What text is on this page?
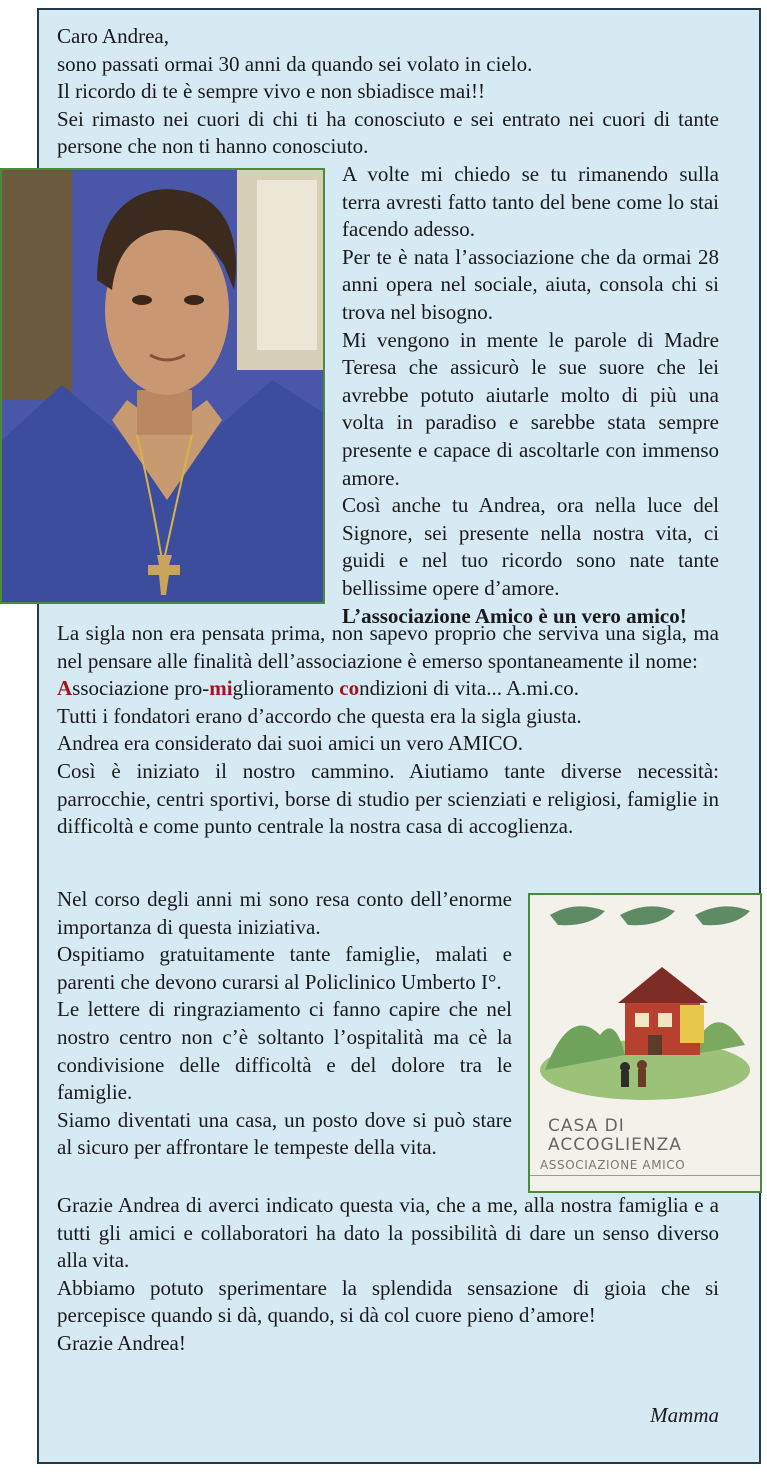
Caro Andrea,

sono passati ormai 30 anni da quando sei volato in cielo.

Il ricordo di te è sempre vivo e non sbiadisce mai!!

Sei rimasto nei cuori di chi ti ha conosciuto e sei entrato nei cuori di tante persone che non ti hanno conosciuto.

A volte mi chiedo se tu rimanendo sulla terra avresti fatto tanto del bene come lo stai facendo adesso.

Per te è nata l’associazione che da ormai 28 anni opera nel sociale, aiuta, consola chi si trova nel bisogno.

Mi vengono in mente le parole di Madre Teresa che assicurò le sue suore che lei avrebbe potuto aiutarle molto di più una volta in paradiso e sarebbe stata sempre presente e capace di ascoltarle con immenso amore.

Così anche tu Andrea, ora nella luce del Signore, sei presente nella nostra vita, ci guidi e nel tuo ricordo sono nate tante bellissime opere d’amore.

L’associazione Amico è un vero amico!

La sigla non era pensata prima, non sapevo proprio che serviva una sigla, ma nel pensare alle finalità dell’associazione è emerso spontaneamente il nome:

Associazione pro-miglioramento condizioni di vita... A.mi.co.

Tutti i fondatori erano d’accordo che questa era la sigla giusta.

Andrea era considerato dai suoi amici un vero AMICO.

Così è iniziato il nostro cammino. Aiutiamo tante diverse necessità: parrocchie, centri sportivi, borse di studio per scienziati e religiosi, famiglie in difficoltà e come punto centrale la nostra casa di accoglienza.

Nel corso degli anni mi sono resa conto dell’enorme importanza di questa iniziativa.

Ospitiamo gratuitamente tante famiglie, malati e parenti che devono curarsi al Policlinico Umberto I°.

Le lettere di ringraziamento ci fanno capire che nel nostro centro non c’è soltanto l’ospitalità ma cè la condivisione delle difficoltà e del dolore tra le famiglie.

Siamo diventati una casa, un posto dove si può stare al sicuro per affrontare le tempeste della vita.

CASA DI
ACCOGLIENZA
ASSOCIAZIONE AMICO

Grazie Andrea di averci indicato questa via, che a me, alla nostra famiglia e a tutti gli amici e collaboratori ha dato la possibilità di dare un senso diverso alla vita.

Abbiamo potuto sperimentare la splendida sensazione di gioia che si percepisce quando si dà, quando, si dà col cuore pieno d’amore!

Grazie Andrea!

Mamma
